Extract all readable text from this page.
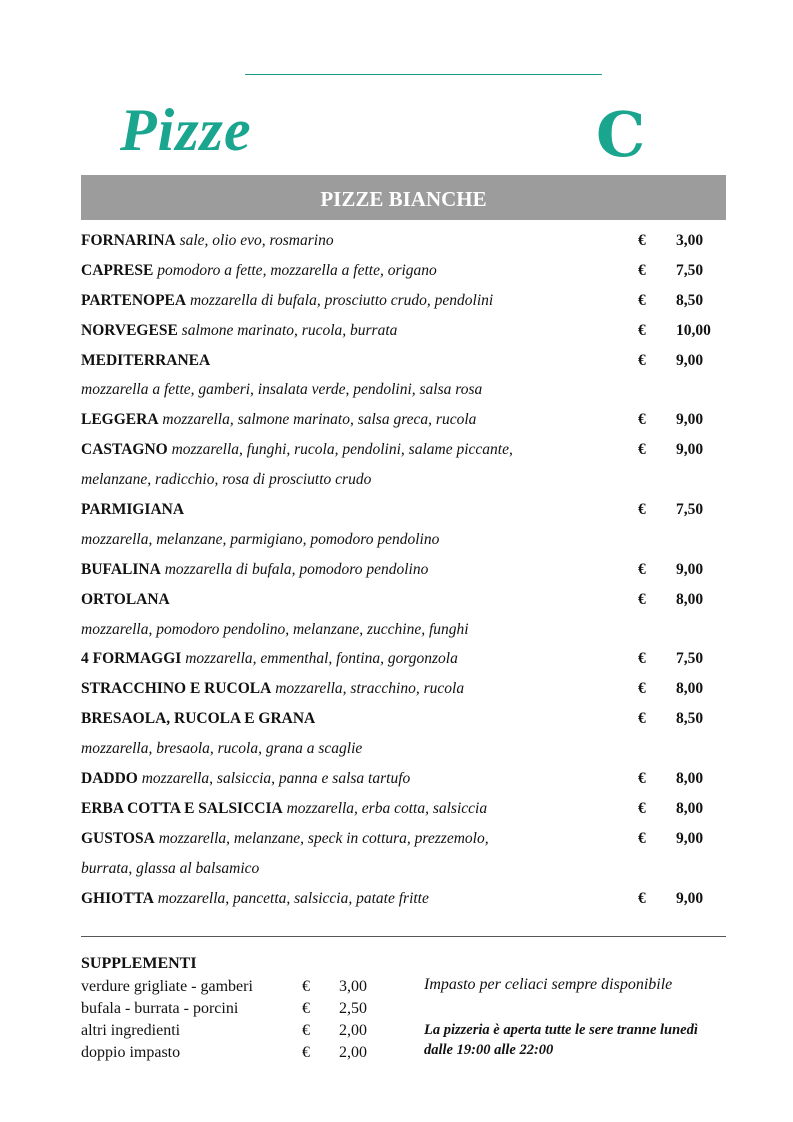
Pizze	C
PIZZE BIANCHE
FORNARINA sale, olio evo, rosmarino	€ 3,00
CAPRESE pomodoro a fette, mozzarella a fette, origano	€ 7,50
PARTENOPEA mozzarella di bufala, prosciutto crudo, pendolini	€ 8,50
NORVEGESE salmone marinato, rucola, burrata	€ 10,00
MEDITERRANEA	€ 9,00
mozzarella a fette, gamberi, insalata verde, pendolini, salsa rosa
LEGGERA mozzarella, salmone marinato, salsa greca, rucola	€ 9,00
CASTAGNO mozzarella, funghi, rucola, pendolini, salame piccante,	€ 9,00
melanzane, radicchio, rosa di prosciutto crudo
PARMIGIANA	€ 7,50
mozzarella, melanzane, parmigiano, pomodoro pendolino
BUFALINA mozzarella di bufala, pomodoro pendolino	€ 9,00
ORTOLANA	€ 8,00
mozzarella, pomodoro pendolino, melanzane, zucchine, funghi
4 FORMAGGI mozzarella, emmenthal, fontina, gorgonzola	€ 7,50
STRACCHINO E RUCOLA mozzarella, stracchino, rucola	€ 8,00
BRESAOLA, RUCOLA E GRANA	€ 8,50
mozzarella, bresaola, rucola, grana a scaglie
DADDO mozzarella, salsiccia, panna e salsa tartufo	€ 8,00
ERBA COTTA E SALSICCIA mozzarella, erba cotta, salsiccia	€ 8,00
GUSTOSA mozzarella, melanzane, speck in cottura, prezzemolo,	€ 9,00
burrata, glassa al balsamico
GHIOTTA mozzarella, pancetta, salsiccia, patate fritte	€ 9,00
SUPPLEMENTI
verdure grigliate - gamberi	€ 3,00
bufala - burrata - porcini	€ 2,50
altri ingredienti	€ 2,00
doppio impasto	€ 2,00
Impasto per celiaci sempre disponibile
La pizzeria è aperta tutte le sere tranne lunedì dalle 19:00 alle 22:00
